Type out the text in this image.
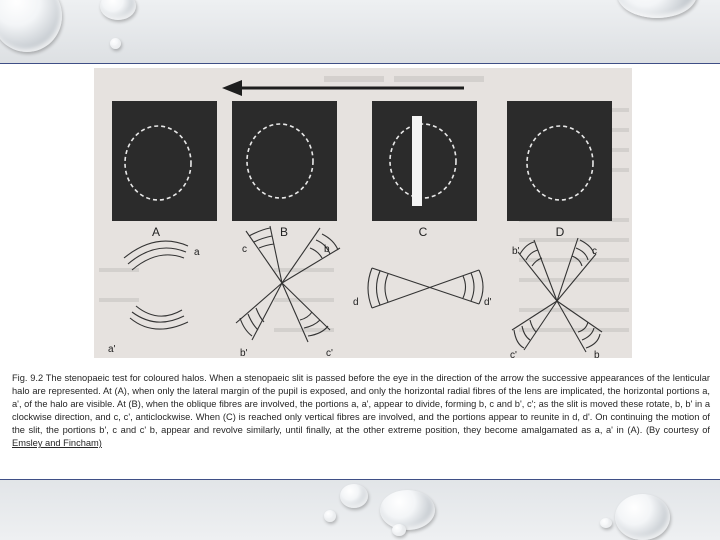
A	B	C	D
a
a'
c	b
b'	c'
d	d'
b'	c
c'	b
Fig. 9.2 The stenopaeic test for coloured halos. When a stenopaeic slit is passed before the eye in the direction of the arrow the successive appearances of the lenticular halo are represented. At (A), when only the lateral margin of the pupil is exposed, and only the horizontal radial fibres of the lens are implicated, the horizontal portions a, a', of the halo are visible. At (B), when the oblique fibres are involved, the portions a, a', appear to divide, forming b, c and b', c'; as the slit is moved these rotate, b, b' in a clockwise direction, and c, c', anticlockwise. When (C) is reached only vertical fibres are involved, and the portions appear to reunite in d, d'. On continuing the motion of the slit, the portions b', c and c' b, appear and revolve similarly, until finally, at the other extreme position, they become amalgamated as a, a' in (A). (By courtesy of Emsley and Fincham)
